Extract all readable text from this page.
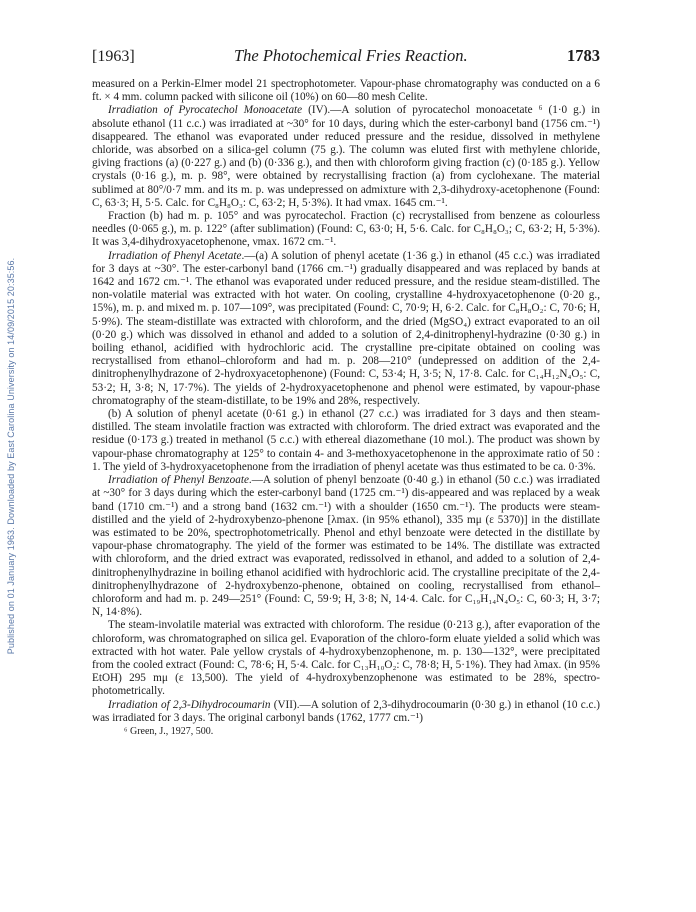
Published on 01 January 1963. Downloaded by East Carolina University on 14/09/2015 20:35:56.
[1963]	The Photochemical Fries Reaction.	1783

measured on a Perkin-Elmer model 21 spectrophotometer. Vapour-phase chromatography was conducted on a 6 ft. × 4 mm. column packed with silicone oil (10%) on 60—80 mesh Celite.

Irradiation of Pyrocatechol Monoacetate (IV).—A solution of pyrocatechol monoacetate ⁶ (1·0 g.) in absolute ethanol (11 c.c.) was irradiated at ~30° for 10 days, during which the ester-carbonyl band (1756 cm.⁻¹) disappeared. The ethanol was evaporated under reduced pressure and the residue, dissolved in methylene chloride, was absorbed on a silica-gel column (75 g.). The column was eluted first with methylene chloride, giving fractions (a) (0·227 g.) and (b) (0·336 g.), and then with chloroform giving fraction (c) (0·185 g.). Yellow crystals (0·16 g.), m. p. 98°, were obtained by recrystallising fraction (a) from cyclohexane. The material sublimed at 80°/0·7 mm. and its m. p. was undepressed on admixture with 2,3-dihydroxy-acetophenone (Found: C, 63·3; H, 5·5. Calc. for C₈H₈O₃: C, 63·2; H, 5·3%). It had νmax. 1645 cm.⁻¹.

Fraction (b) had m. p. 105° and was pyrocatechol. Fraction (c) recrystallised from benzene as colourless needles (0·065 g.), m. p. 122° (after sublimation) (Found: C, 63·0; H, 5·6. Calc. for C₈H₈O₃; C, 63·2; H, 5·3%). It was 3,4-dihydroxyacetophenone, νmax. 1672 cm.⁻¹.

Irradiation of Phenyl Acetate.—(a) A solution of phenyl acetate (1·36 g.) in ethanol (45 c.c.) was irradiated for 3 days at ~30°. The ester-carbonyl band (1766 cm.⁻¹) gradually disappeared and was replaced by bands at 1642 and 1672 cm.⁻¹. The ethanol was evaporated under reduced pressure, and the residue steam-distilled. The non-volatile material was extracted with hot water. On cooling, crystalline 4-hydroxyacetophenone (0·20 g., 15%), m. p. and mixed m. p. 107—109°, was precipitated (Found: C, 70·9; H, 6·2. Calc. for C₈H₈O₂: C, 70·6; H, 5·9%). The steam-distillate was extracted with chloroform, and the dried (MgSO₄) extract evaporated to an oil (0·20 g.) which was dissolved in ethanol and added to a solution of 2,4-dinitrophenyl-hydrazine (0·30 g.) in boiling ethanol, acidified with hydrochloric acid. The crystalline pre-cipitate obtained on cooling was recrystallised from ethanol–chloroform and had m. p. 208—210° (undepressed on addition of the 2,4-dinitrophenylhydrazone of 2-hydroxyacetophenone) (Found: C, 53·4; H, 3·5; N, 17·8. Calc. for C₁₄H₁₂N₄O₅: C, 53·2; H, 3·8; N, 17·7%). The yields of 2-hydroxyacetophenone and phenol were estimated, by vapour-phase chromatography of the steam-distillate, to be 19% and 28%, respectively.

(b) A solution of phenyl acetate (0·61 g.) in ethanol (27 c.c.) was irradiated for 3 days and then steam-distilled. The steam involatile fraction was extracted with chloroform. The dried extract was evaporated and the residue (0·173 g.) treated in methanol (5 c.c.) with ethereal diazomethane (10 mol.). The product was shown by vapour-phase chromatography at 125° to contain 4- and 3-methoxyacetophenone in the approximate ratio of 50 : 1. The yield of 3-hydroxyacetophenone from the irradiation of phenyl acetate was thus estimated to be ca. 0·3%.

Irradiation of Phenyl Benzoate.—A solution of phenyl benzoate (0·40 g.) in ethanol (50 c.c.) was irradiated at ~30° for 3 days during which the ester-carbonyl band (1725 cm.⁻¹) dis-appeared and was replaced by a weak band (1710 cm.⁻¹) and a strong band (1632 cm.⁻¹) with a shoulder (1650 cm.⁻¹). The products were steam-distilled and the yield of 2-hydroxybenzo-phenone [λmax. (in 95% ethanol), 335 mμ (ε 5370)] in the distillate was estimated to be 20%, spectrophotometrically. Phenol and ethyl benzoate were detected in the distillate by vapour-phase chromatography. The yield of the former was estimated to be 14%. The distillate was extracted with chloroform, and the dried extract was evaporated, redissolved in ethanol, and added to a solution of 2,4-dinitrophenylhydrazine in boiling ethanol acidified with hydrochloric acid. The crystalline precipitate of the 2,4-dinitrophenylhydrazone of 2-hydroxybenzo-phenone, obtained on cooling, recrystallised from ethanol–chloroform and had m. p. 249—251° (Found: C, 59·9; H, 3·8; N, 14·4. Calc. for C₁₉H₁₄N₄O₅: C, 60·3; H, 3·7; N, 14·8%).

The steam-involatile material was extracted with chloroform. The residue (0·213 g.), after evaporation of the chloroform, was chromatographed on silica gel. Evaporation of the chloro-form eluate yielded a solid which was extracted with hot water. Pale yellow crystals of 4-hydroxybenzophenone, m. p. 130—132°, were precipitated from the cooled extract (Found: C, 78·6; H, 5·4. Calc. for C₁₃H₁₀O₂: C, 78·8; H, 5·1%). They had λmax. (in 95% EtOH) 295 mμ (ε 13,500). The yield of 4-hydroxybenzophenone was estimated to be 28%, spectro-photometrically.

Irradiation of 2,3-Dihydrocoumarin (VII).—A solution of 2,3-dihydrocoumarin (0·30 g.) in ethanol (10 c.c.) was irradiated for 3 days. The original carbonyl bands (1762, 1777 cm.⁻¹)

⁶ Green, J., 1927, 500.
